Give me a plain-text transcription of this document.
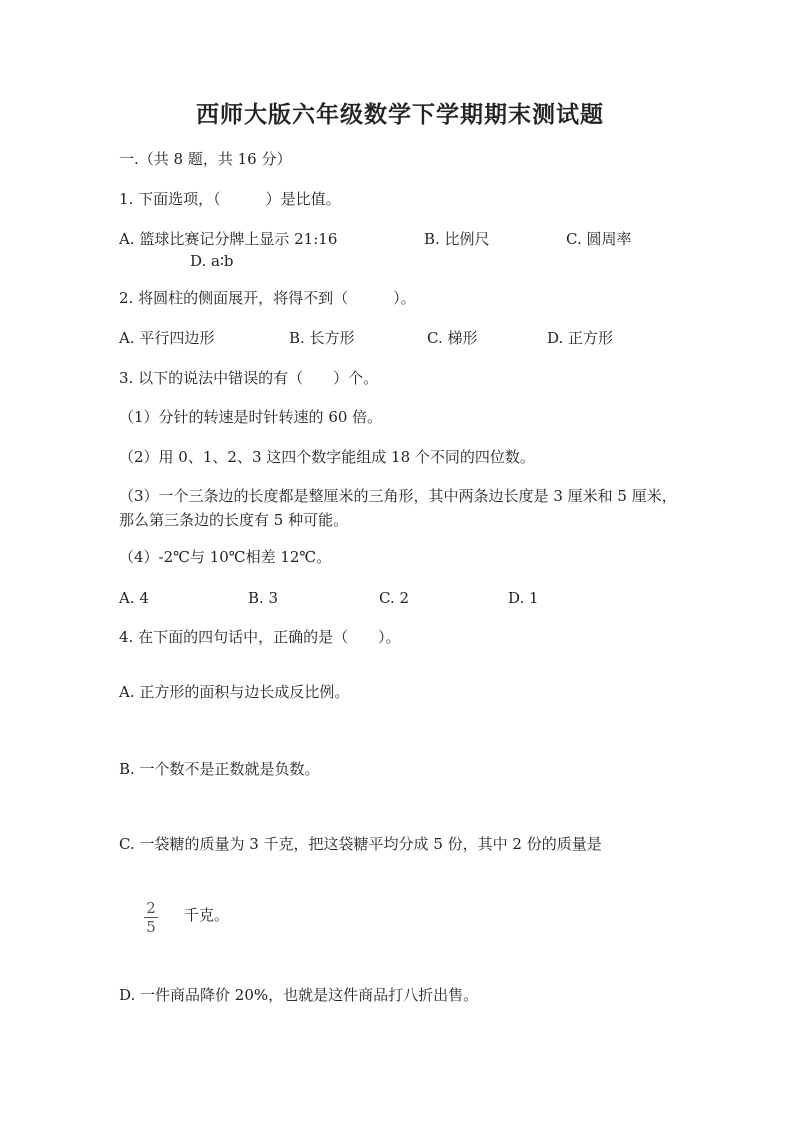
西师大版六年级数学下学期期末测试题
一.（共 8 题，共 16 分）
1. 下面选项，（　　　）是比值。
A. 篮球比赛记分牌上显示 21:16	B. 比例尺	C. 圆周率
D. a∶b
2. 将圆柱的侧面展开，将得不到（　　　）。
A. 平行四边形	B. 长方形	C. 梯形	D. 正方形
3. 以下的说法中错误的有（　　）个。
（1）分针的转速是时针转速的 60 倍。
（2）用 0、1、2、3 这四个数字能组成 18 个不同的四位数。
（3）一个三条边的长度都是整厘米的三角形，其中两条边长度是 3 厘米和 5 厘米，那么第三条边的长度有 5 种可能。
（4）-2℃与 10℃相差 12℃。
A. 4	B. 3	C. 2	D. 1
4. 在下面的四句话中，正确的是（　　）。
A. 正方形的面积与边长成反比例。
B. 一个数不是正数就是负数。
C. 一袋糖的质量为 3 千克，把这袋糖平均分成 5 份，其中 2 份的质量是
2
5
千克。
D. 一件商品降价 20%，也就是这件商品打八折出售。
